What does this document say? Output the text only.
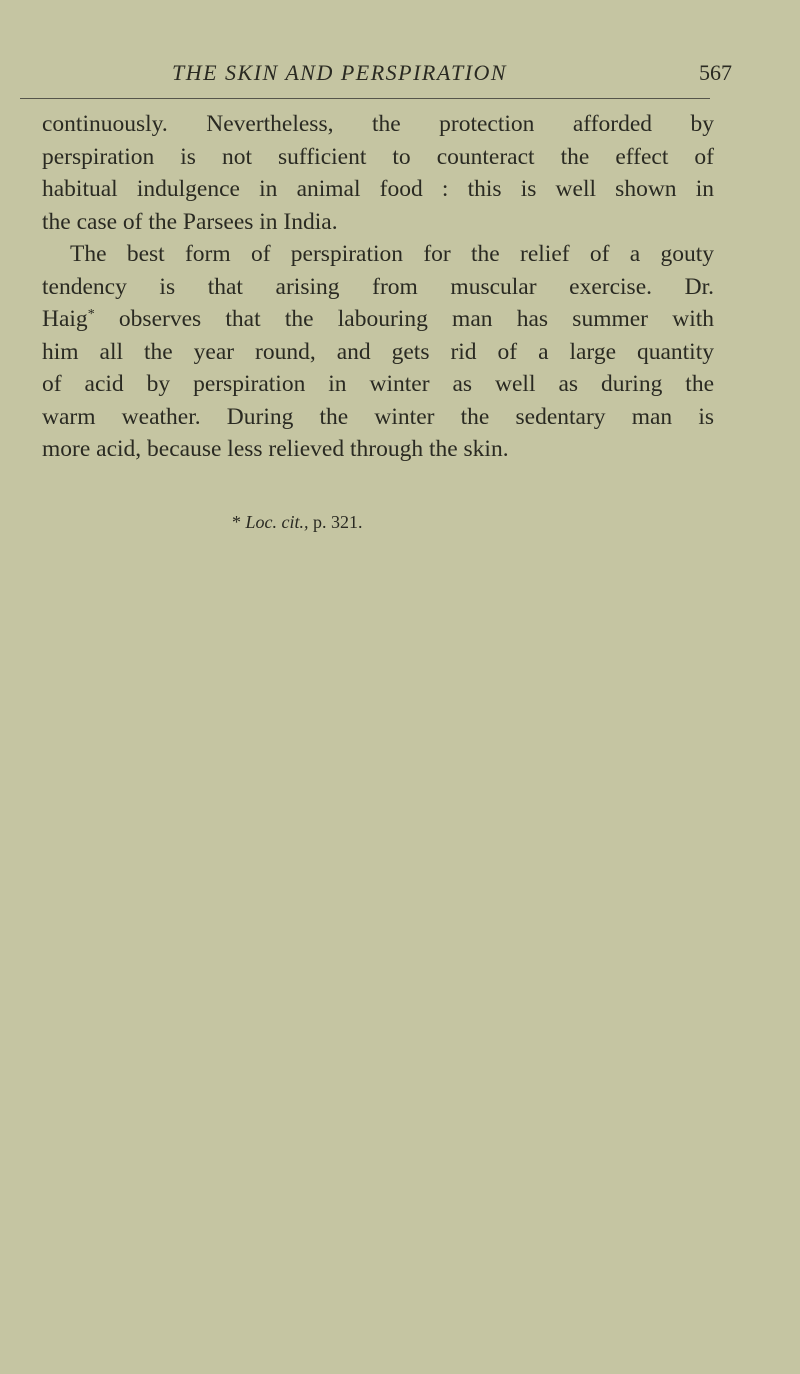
THE SKIN AND PERSPIRATION	567

continuously. Nevertheless, the protection afforded by
perspiration is not sufficient to counteract the effect of
habitual indulgence in animal food : this is well shown in
the case of the Parsees in India.

The best form of perspiration for the relief of a gouty
tendency is that arising from muscular exercise. Dr.
Haig* observes that the labouring man has summer with
him all the year round, and gets rid of a large quantity
of acid by perspiration in winter as well as during the
warm weather. During the winter the sedentary man is
more acid, because less relieved through the skin.

* Loc. cit., p. 321.
